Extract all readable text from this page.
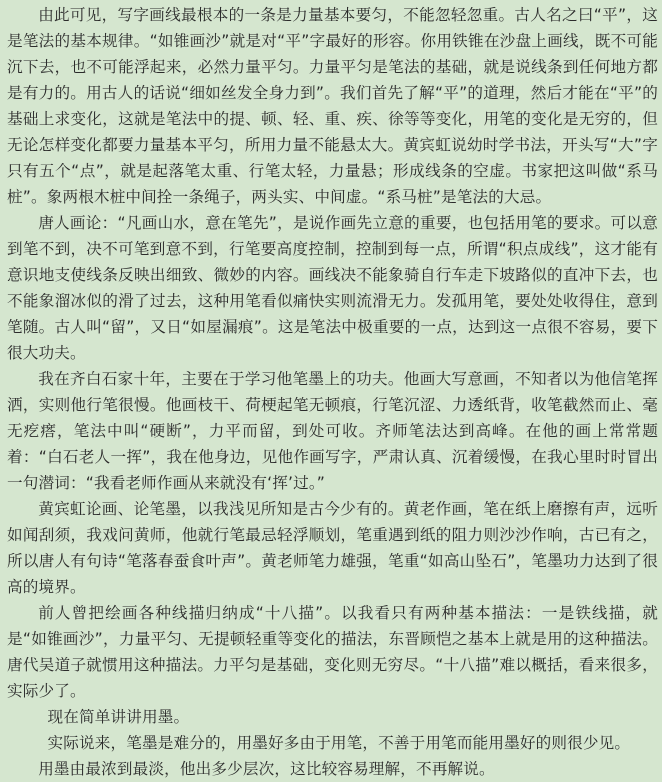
由此可见，写字画线最根本的一条是力量基本要匀，不能忽轻忽重。古人名之曰“平”，这是笔法的基本规律。“如锥画沙”就是对“平”字最好的形容。你用铁锥在沙盘上画线，既不可能沉下去，也不可能浮起来，必然力量平匀。力量平匀是笔法的基础，就是说线条到任何地方都是有力的。用古人的话说“细如丝发全身力到”。我们首先了解“平”的道理，然后才能在“平”的基础上求变化，这就是笔法中的提、顿、轻、重、疾、徐等等变化，用笔的变化是无穷的，但无论怎样变化都要力量基本平匀，所用力量不能悬太大。黄宾虹说幼时学书法，开头写“大”字只有五个“点”，就是起落笔太重、行笔太轻，力量悬；形成线条的空虚。书家把这叫做“系马桩”。象两根木桩中间拴一条绳子，两头实、中间虚。“系马桩”是笔法的大忌。

唐人画论：“凡画山水，意在笔先”，是说作画先立意的重要，也包括用笔的要求。可以意到笔不到，决不可笔到意不到，行笔要高度控制，控制到每一点，所谓“积点成线”，这才能有意识地支使线条反映出细致、微妙的内容。画线决不能象骑自行车走下坡路似的直冲下去，也不能象溜冰似的滑了过去，这种用笔看似痛快实则流滑无力。发孤用笔，要处处收得住，意到笔随。古人叫“留”，又日“如屋漏痕”。这是笔法中极重要的一点，达到这一点很不容易，要下很大功夫。

我在齐白石家十年，主要在于学习他笔墨上的功夫。他画大写意画，不知者以为他信笔挥洒，实则他行笔很慢。他画枝干、荷梗起笔无顿痕，行笔沉涩、力透纸背，收笔截然而止、毫无疙瘩，笔法中叫“硬断”，力平而留，到处可收。齐师笔法达到高峰。在他的画上常常题着：“白石老人一挥”，我在他身边，见他作画写字，严肃认真、沉着缓慢，在我心里时时冒出一句潜词：“我看老师作画从来就没有‘挥’过。”

黄宾虹论画、论笔墨，以我浅见所知是古今少有的。黄老作画，笔在纸上磨擦有声，远听如闻刮须，我戏问黄师，他就行笔最忌轻浮顺划，笔重遇到纸的阻力则沙沙作响，古已有之，所以唐人有句诗“笔落春蚕食叶声”。黄老师笔力雄强，笔重“如高山坠石”，笔墨功力达到了很高的境界。

前人曾把绘画各种线描归纳成“十八描”。以我看只有两种基本描法：一是铁线描，就是“如锥画沙”，力量平匀、无提顿轻重等变化的描法，东晋顾恺之基本上就是用的这种描法。唐代吴道子就惯用这种描法。力平匀是基础，变化则无穷尽。“十八描”难以概括，看来很多，实际少了。

现在简单讲讲用墨。

实际说来，笔墨是难分的，用墨好多由于用笔，不善于用笔而能用墨好的则很少见。

用墨由最浓到最淡，他出多少层次，这比较容易理解，不再解说。
